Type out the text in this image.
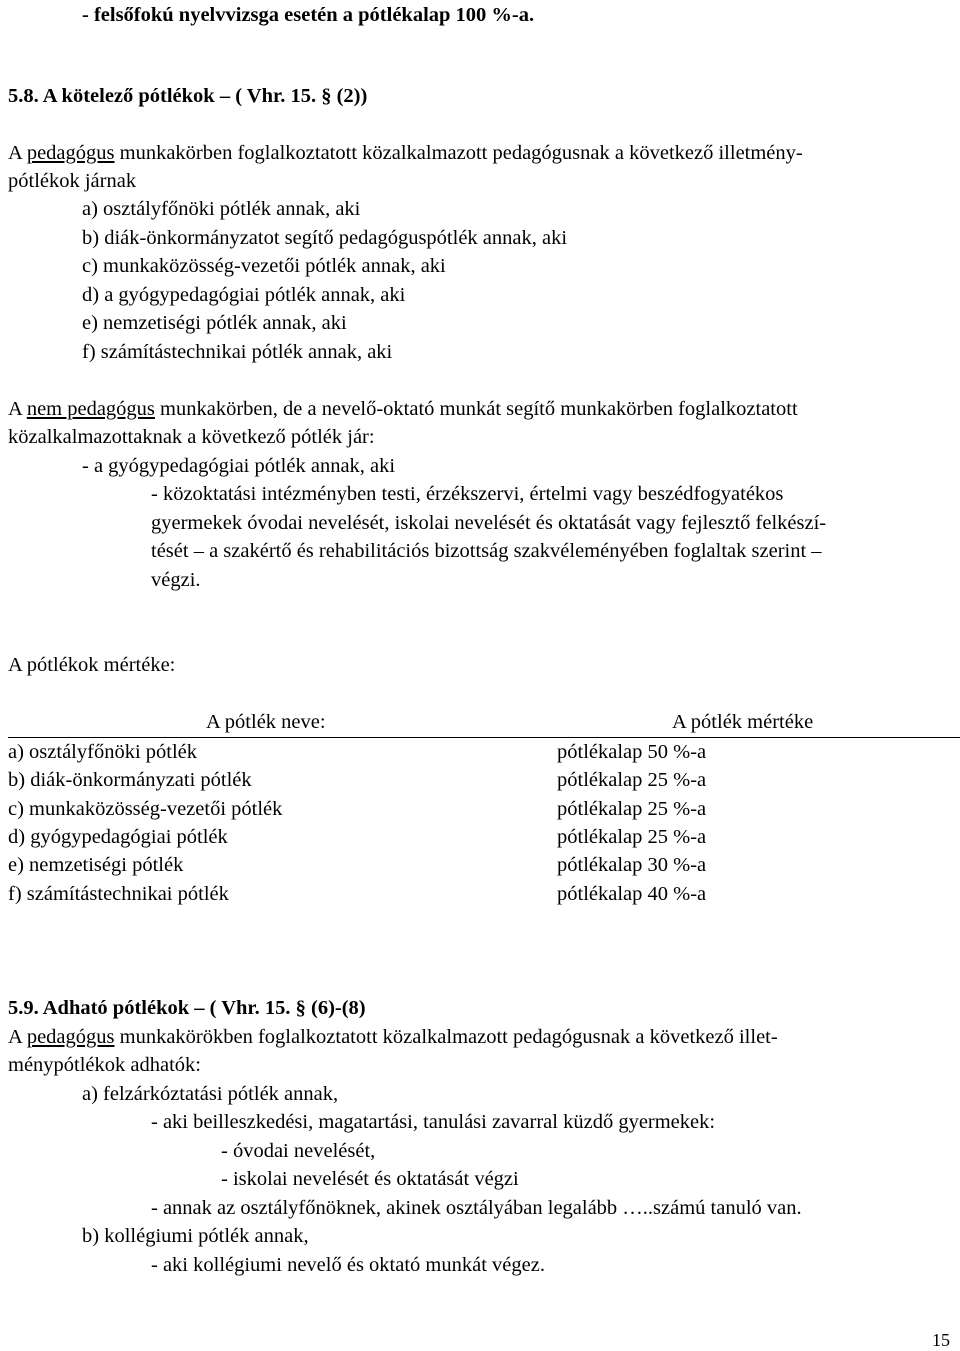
- felsőfokú nyelvvizsga esetén a pótlékalap 100 %-a.
5.8. A kötelező pótlékok – ( Vhr. 15. § (2))
A pedagógus munkakörben foglalkoztatott közalkalmazott pedagógusnak a következő illetmény-
pótlékok járnak
a) osztályfőnöki pótlék annak, aki
b) diák-önkormányzatot segítő pedagóguspótlék annak, aki
c) munkaközösség-vezetői pótlék annak, aki
d) a gyógypedagógiai pótlék annak, aki
e) nemzetiségi pótlék annak, aki
f) számítástechnikai pótlék annak, aki
A nem pedagógus munkakörben, de a nevelő-oktató munkát segítő munkakörben foglalkoztatott
közalkalmazottaknak a következő pótlék jár:
- a gyógypedagógiai pótlék annak, aki
- közoktatási intézményben testi, érzékszervi, értelmi vagy beszédfogyatékos
gyermekek óvodai nevelését, iskolai nevelését és oktatását vagy fejlesztő felkészí-
tését – a szakértő és rehabilitációs bizottság szakvéleményében foglaltak szerint –
végzi.
A pótlékok mértéke:
A pótlék neve:	A pótlék mértéke
a) osztályfőnöki pótlék	pótlékalap 50 %-a
b) diák-önkormányzati pótlék	pótlékalap 25 %-a
c) munkaközösség-vezetői pótlék	pótlékalap 25 %-a
d) gyógypedagógiai pótlék	pótlékalap 25 %-a
e) nemzetiségi pótlék	pótlékalap 30 %-a
f) számítástechnikai pótlék	pótlékalap 40 %-a
5.9. Adható pótlékok – ( Vhr. 15. § (6)-(8)
A pedagógus munkakörökben foglalkoztatott közalkalmazott pedagógusnak a következő illet-
ménypótlékok adhatók:
a) felzárkóztatási pótlék annak,
- aki beilleszkedési, magatartási, tanulási zavarral küzdő gyermekek:
- óvodai nevelését,
- iskolai nevelését és oktatását végzi
- annak az osztályfőnöknek, akinek osztályában legalább …..számú tanuló van.
b) kollégiumi pótlék annak,
- aki kollégiumi nevelő és oktató munkát végez.
15
